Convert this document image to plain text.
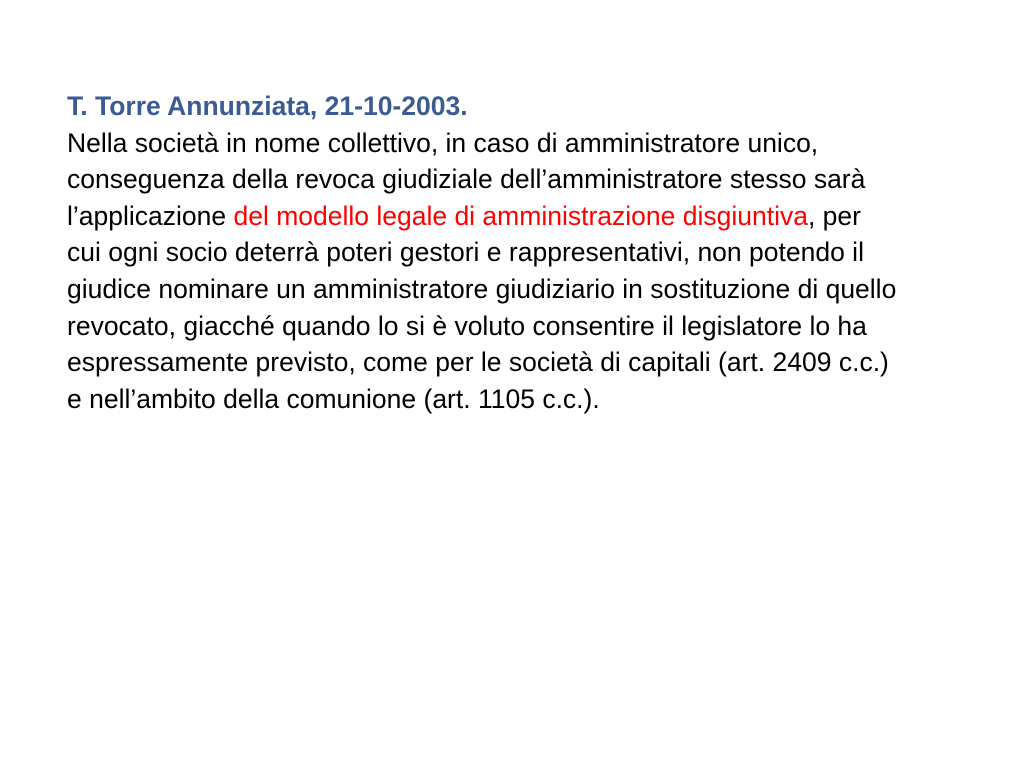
T. Torre Annunziata, 21-10-2003.

Nella società in nome collettivo, in caso di amministratore unico, conseguenza della revoca giudiziale dell’amministratore stesso sarà l’applicazione del modello legale di amministrazione disgiuntiva, per cui ogni socio deterrà poteri gestori e rappresentativi, non potendo il giudice nominare un amministratore giudiziario in sostituzione di quello revocato, giacché quando lo si è voluto consentire il legislatore lo ha espressamente previsto, come per le società di capitali (art. 2409 c.c.) e nell’ambito della comunione (art. 1105 c.c.).
